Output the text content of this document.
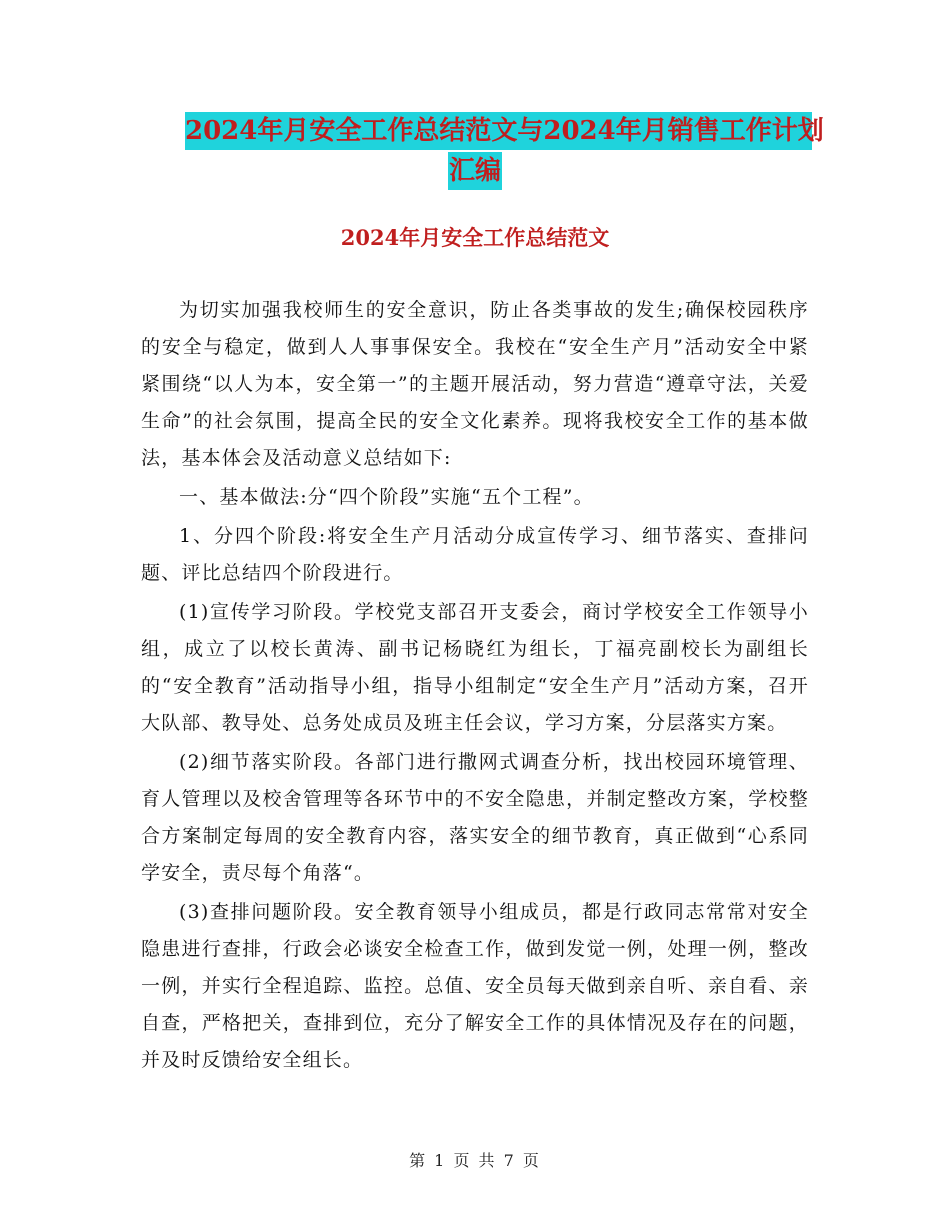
2024年月安全工作总结范文与2024年月销售工作计划
汇编
2024年月安全工作总结范文

为切实加强我校师生的安全意识，防止各类事故的发生;确保校园秩序的安全与稳定，做到人人事事保安全。我校在“安全生产月”活动安全中紧紧围绕“以人为本，安全第一”的主题开展活动，努力营造“遵章守法，关爱生命”的社会氛围，提高全民的安全文化素养。现将我校安全工作的基本做法，基本体会及活动意义总结如下:

一、基本做法:分“四个阶段”实施“五个工程”。

1、分四个阶段:将安全生产月活动分成宣传学习、细节落实、查排问题、评比总结四个阶段进行。

(1)宣传学习阶段。学校党支部召开支委会，商讨学校安全工作领导小组，成立了以校长黄涛、副书记杨晓红为组长，丁福亮副校长为副组长的“安全教育”活动指导小组，指导小组制定“安全生产月”活动方案，召开大队部、教导处、总务处成员及班主任会议，学习方案，分层落实方案。

(2)细节落实阶段。各部门进行撒网式调查分析，找出校园环境管理、育人管理以及校舍管理等各环节中的不安全隐患，并制定整改方案，学校整合方案制定每周的安全教育内容，落实安全的细节教育，真正做到“心系同学安全，责尽每个角落“。

(3)查排问题阶段。安全教育领导小组成员，都是行政同志常常对安全隐患进行查排，行政会必谈安全检查工作，做到发觉一例，处理一例，整改一例，并实行全程追踪、监控。总值、安全员每天做到亲自听、亲自看、亲自查，严格把关，查排到位，充分了解安全工作的具体情况及存在的问题，并及时反馈给安全组长。

第 1 页 共 7 页
